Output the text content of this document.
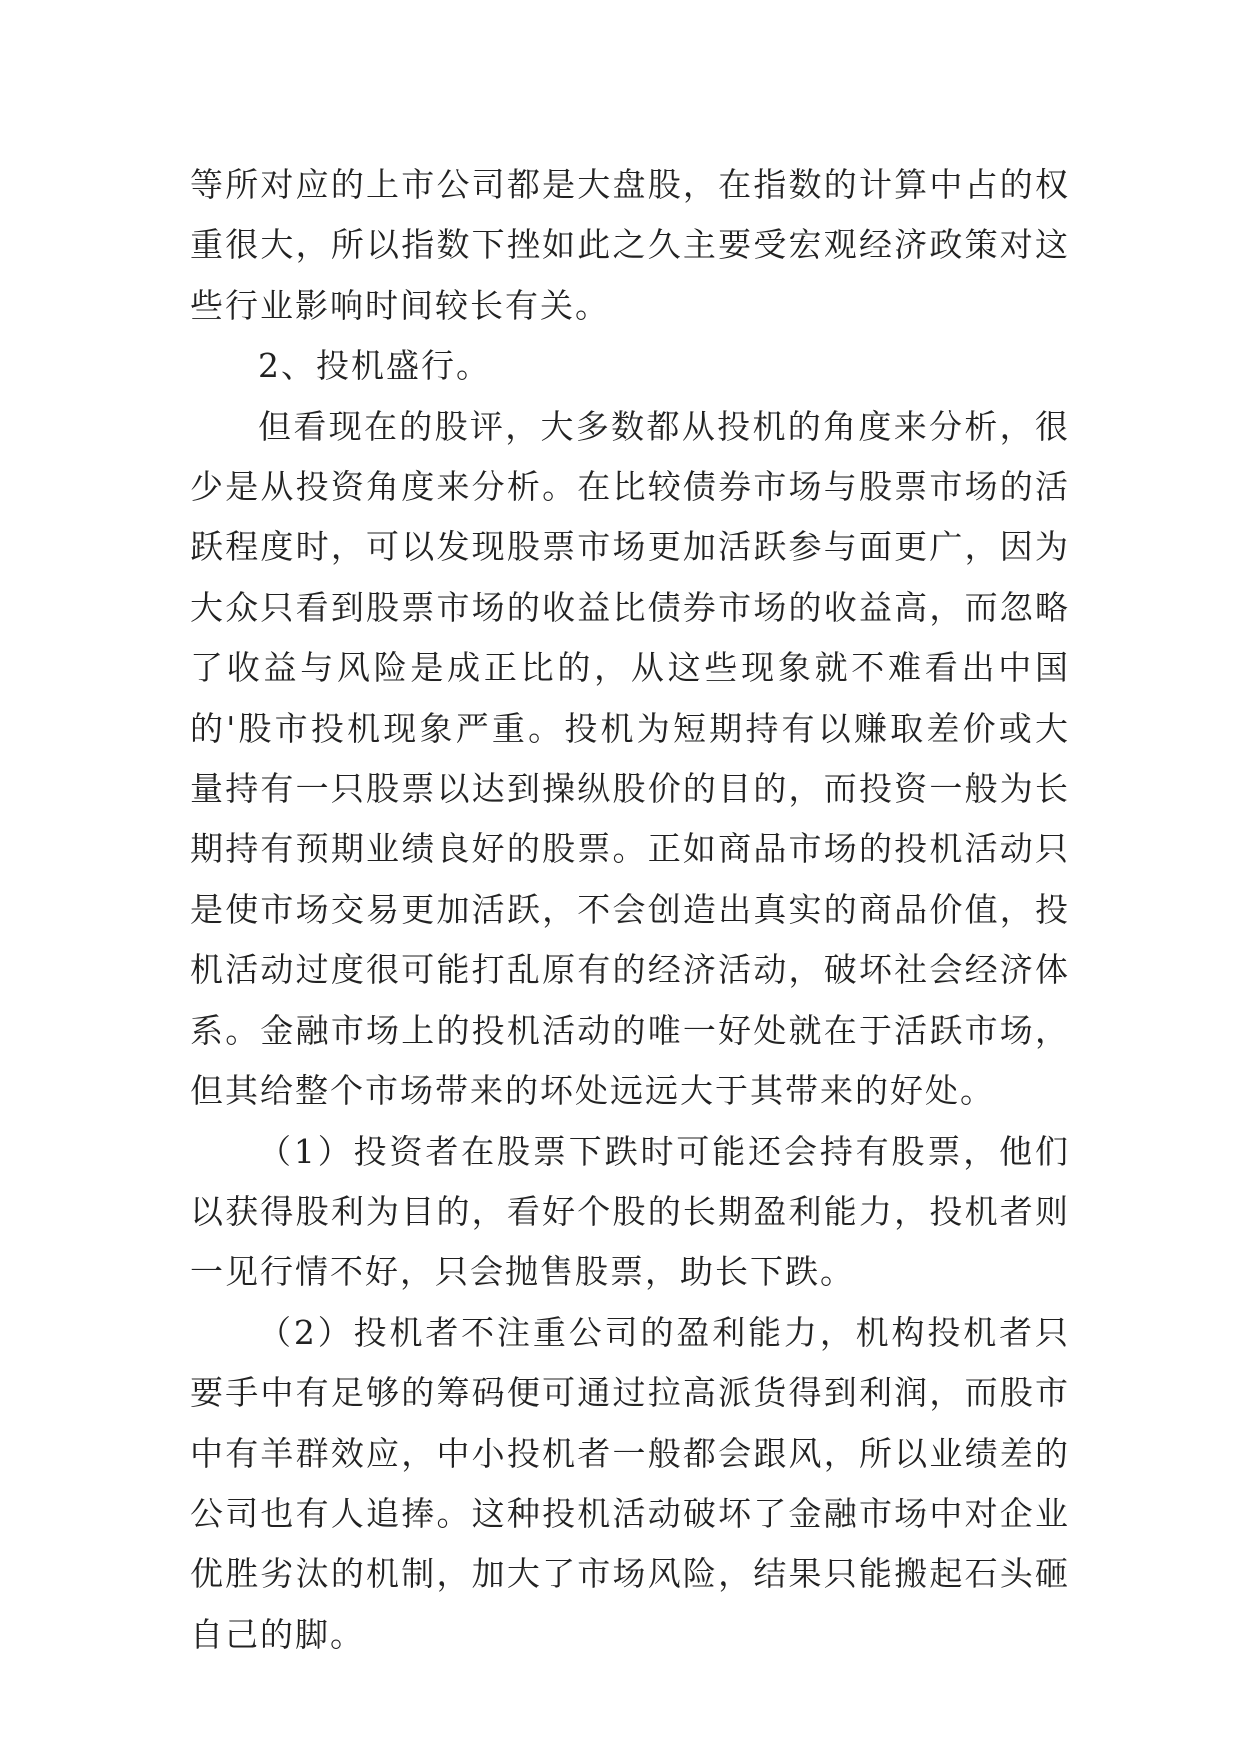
等所对应的上市公司都是大盘股，在指数的计算中占的权重很大，所以指数下挫如此之久主要受宏观经济政策对这些行业影响时间较长有关。

2、投机盛行。

但看现在的股评，大多数都从投机的角度来分析，很少是从投资角度来分析。在比较债券市场与股票市场的活跃程度时，可以发现股票市场更加活跃参与面更广，因为大众只看到股票市场的收益比债券市场的收益高，而忽略了收益与风险是成正比的，从这些现象就不难看出中国的'股市投机现象严重。投机为短期持有以赚取差价或大量持有一只股票以达到操纵股价的目的，而投资一般为长期持有预期业绩良好的股票。正如商品市场的投机活动只是使市场交易更加活跃，不会创造出真实的商品价值，投机活动过度很可能打乱原有的经济活动，破坏社会经济体系。金融市场上的投机活动的唯一好处就在于活跃市场，但其给整个市场带来的坏处远远大于其带来的好处。

（1）投资者在股票下跌时可能还会持有股票，他们以获得股利为目的，看好个股的长期盈利能力，投机者则一见行情不好，只会抛售股票，助长下跌。

（2）投机者不注重公司的盈利能力，机构投机者只要手中有足够的筹码便可通过拉高派货得到利润，而股市中有羊群效应，中小投机者一般都会跟风，所以业绩差的公司也有人追捧。这种投机活动破坏了金融市场中对企业优胜劣汰的机制，加大了市场风险，结果只能搬起石头砸自己的脚。
